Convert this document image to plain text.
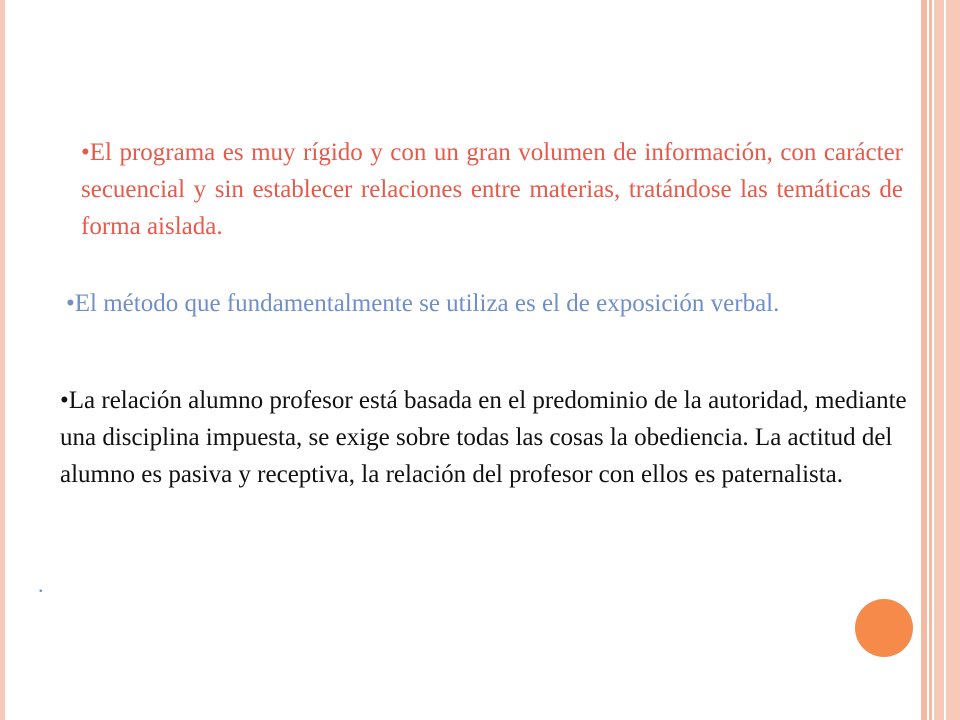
•El programa es muy rígido y con un gran volumen de información, con carácter secuencial y sin establecer relaciones entre materias, tratándose las temáticas de forma aislada.

•El método que fundamentalmente se utiliza es el de exposición verbal.

•La relación alumno profesor está basada en el predominio de la autoridad, mediante una disciplina impuesta, se exige sobre todas las cosas la obediencia. La actitud del alumno es pasiva y receptiva, la relación del profesor con ellos es paternalista.

.
